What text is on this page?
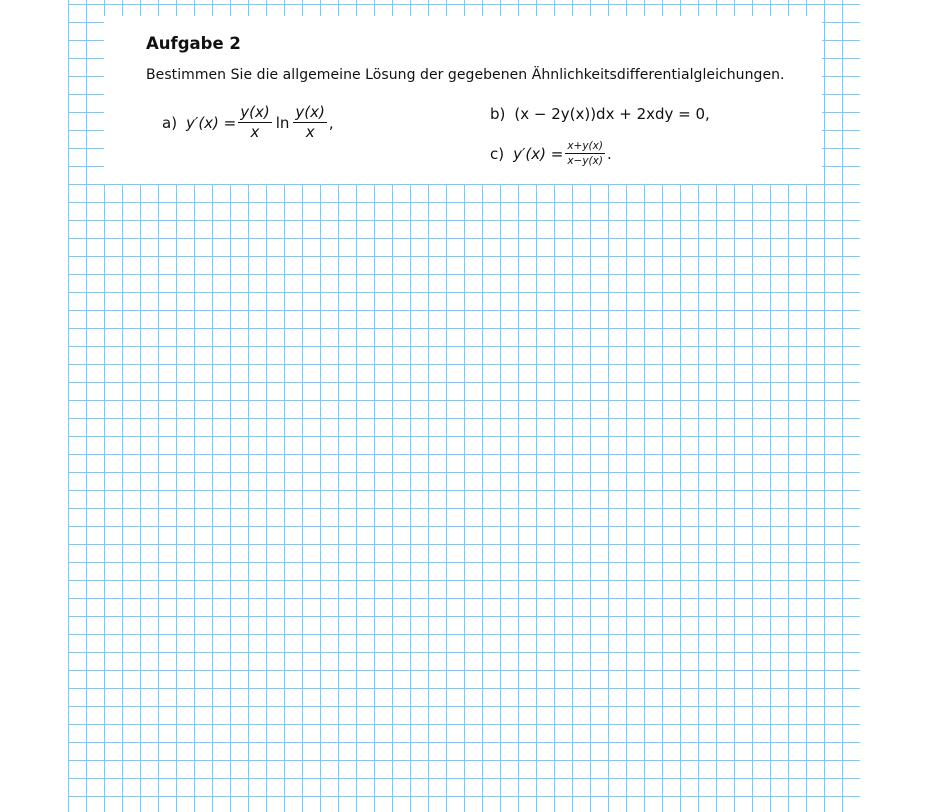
Aufgabe 2
Bestimmen Sie die allgemeine Lösung der gegebenen Ähnlichkeitsdifferentialgleichungen.
a) $y'(x) = \frac{y(x)}{x}$ $\ln \frac{y(x)}{x}$ ,	b) (x − 2y(x))dx + 2xdy = 0,
c) $y'(x) = \frac{x+y(x)}{x-y(x)}$ .
